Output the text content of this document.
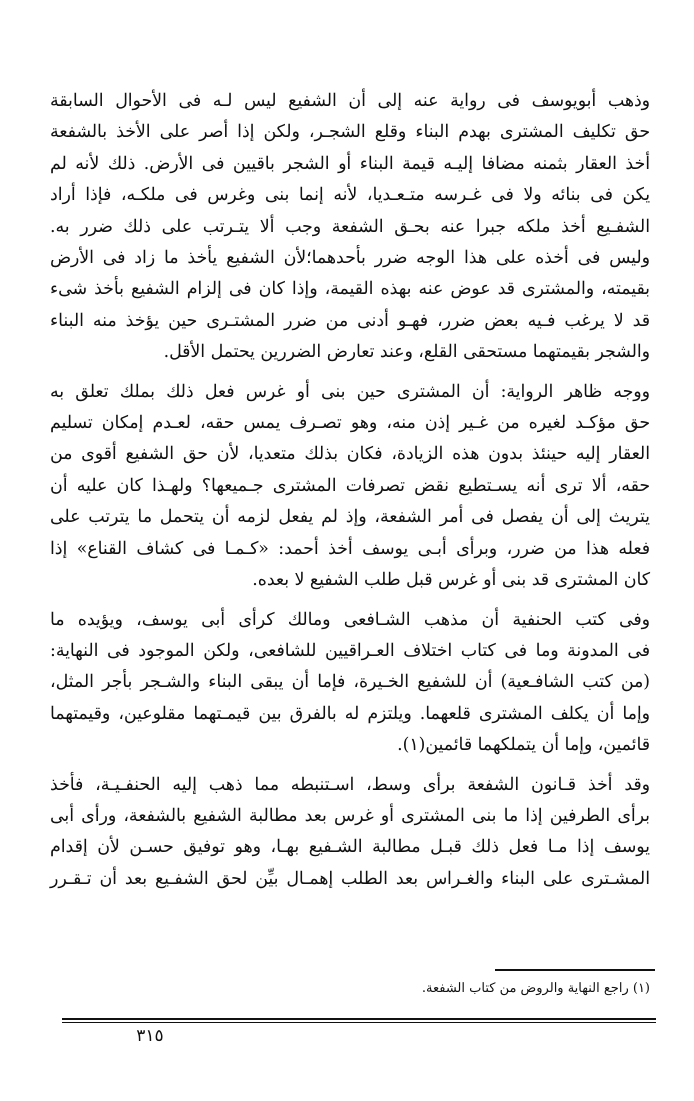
وذهب أبويوسف فى رواية عنه إلى أن الشفيع ليس لـه فى الأحوال السابقة
حق تكليف المشترى بهدم البناء وقلع الشجـر، ولكن إذا أصر على الأخذ بالشفعة
أخذ العقار بثمنه مضافا إليـه قيمة البناء أو الشجر باقيين فى الأرض. ذلك لأنه لم
يكن فى بنائه ولا فى غـرسه متـعـديا، لأنه إنما بنى وغرس فى ملكـه، فإذا أراد
الشفـيع أخذ ملكه جبرا عنه بحـق الشفعة وجب ألا يتـرتب على ذلك ضرر به.
وليس فى أخذه على هذا الوجه ضرر بأحدهما؛لأن الشفيع يأخذ ما زاد فى الأرض
بقيمته، والمشترى قد عوض عنه بهذه القيمة، وإذا كان فى إلزام الشفيع بأخذ شىء
قد لا يرغب فـيه بعض ضرر، فهـو أدنى من ضرر المشتـرى حين يؤخذ منه البناء
والشجر بقيمتهما مستحقى القلع، وعند تعارض الضررين يحتمل الأقل.

ووجه ظاهر الرواية: أن المشترى حين بنى أو غرس فعل ذلك بملك تعلق به
حق مؤكـد لغيره من غـير إذن منه، وهو تصـرف يمس حقه، لعـدم إمكان تسليم
العقار إليه حينئذ بدون هذه الزيادة، فكان بذلك متعديا، لأن حق الشفيع أقوى من
حقه، ألا ترى أنه يسـتطيع نقض تصرفات المشترى جـميعها؟ ولهـذا كان عليه أن
يتريث إلى أن يفصل فى أمر الشفعة، وإذ لم يفعل لزمه أن يتحمل ما يترتب على
فعله هذا من ضرر، وبرأى أبـى يوسف أخذ أحمد: «كـمـا فى كشاف القناع» إذا
كان المشترى قد بنى أو غرس قبل طلب الشفيع لا بعده.

وفى كتب الحنفية أن مذهب الشـافعى ومالك كرأى أبى يوسف، ويؤيده ما
فى المدونة وما فى كتاب اختلاف العـراقيين للشافعى، ولكن الموجود فى النهاية:
(من كتب الشافـعية) أن للشفيع الخـيرة، فإما أن يبقى البناء والشـجر بأجر المثل،
وإما أن يكلف المشترى قلعهما. ويلتزم له بالفرق بين قيمـتهما مقلوعين، وقيمتهما
قائمين، وإما أن يتملكهما قائمين(١).

وقد أخذ قـانون الشفعة برأى وسط، اسـتنبطه مما ذهب إليه الحنفـيـة، فأخذ
برأى الطرفين إذا ما بنى المشترى أو غرس بعد مطالبة الشفيع بالشفعة، ورأى أبى
يوسف إذا مـا فعل ذلك قبـل مطالبة الشـفيع بهـا، وهو توفيق حسـن لأن إقدام
المشـترى على البناء والغـراس بعد الطلب إهمـال بيِّن لحق الشفـيع بعد أن تـقـرر

(١) راجع النهاية والروض من كتاب الشفعة.
٣١٥
